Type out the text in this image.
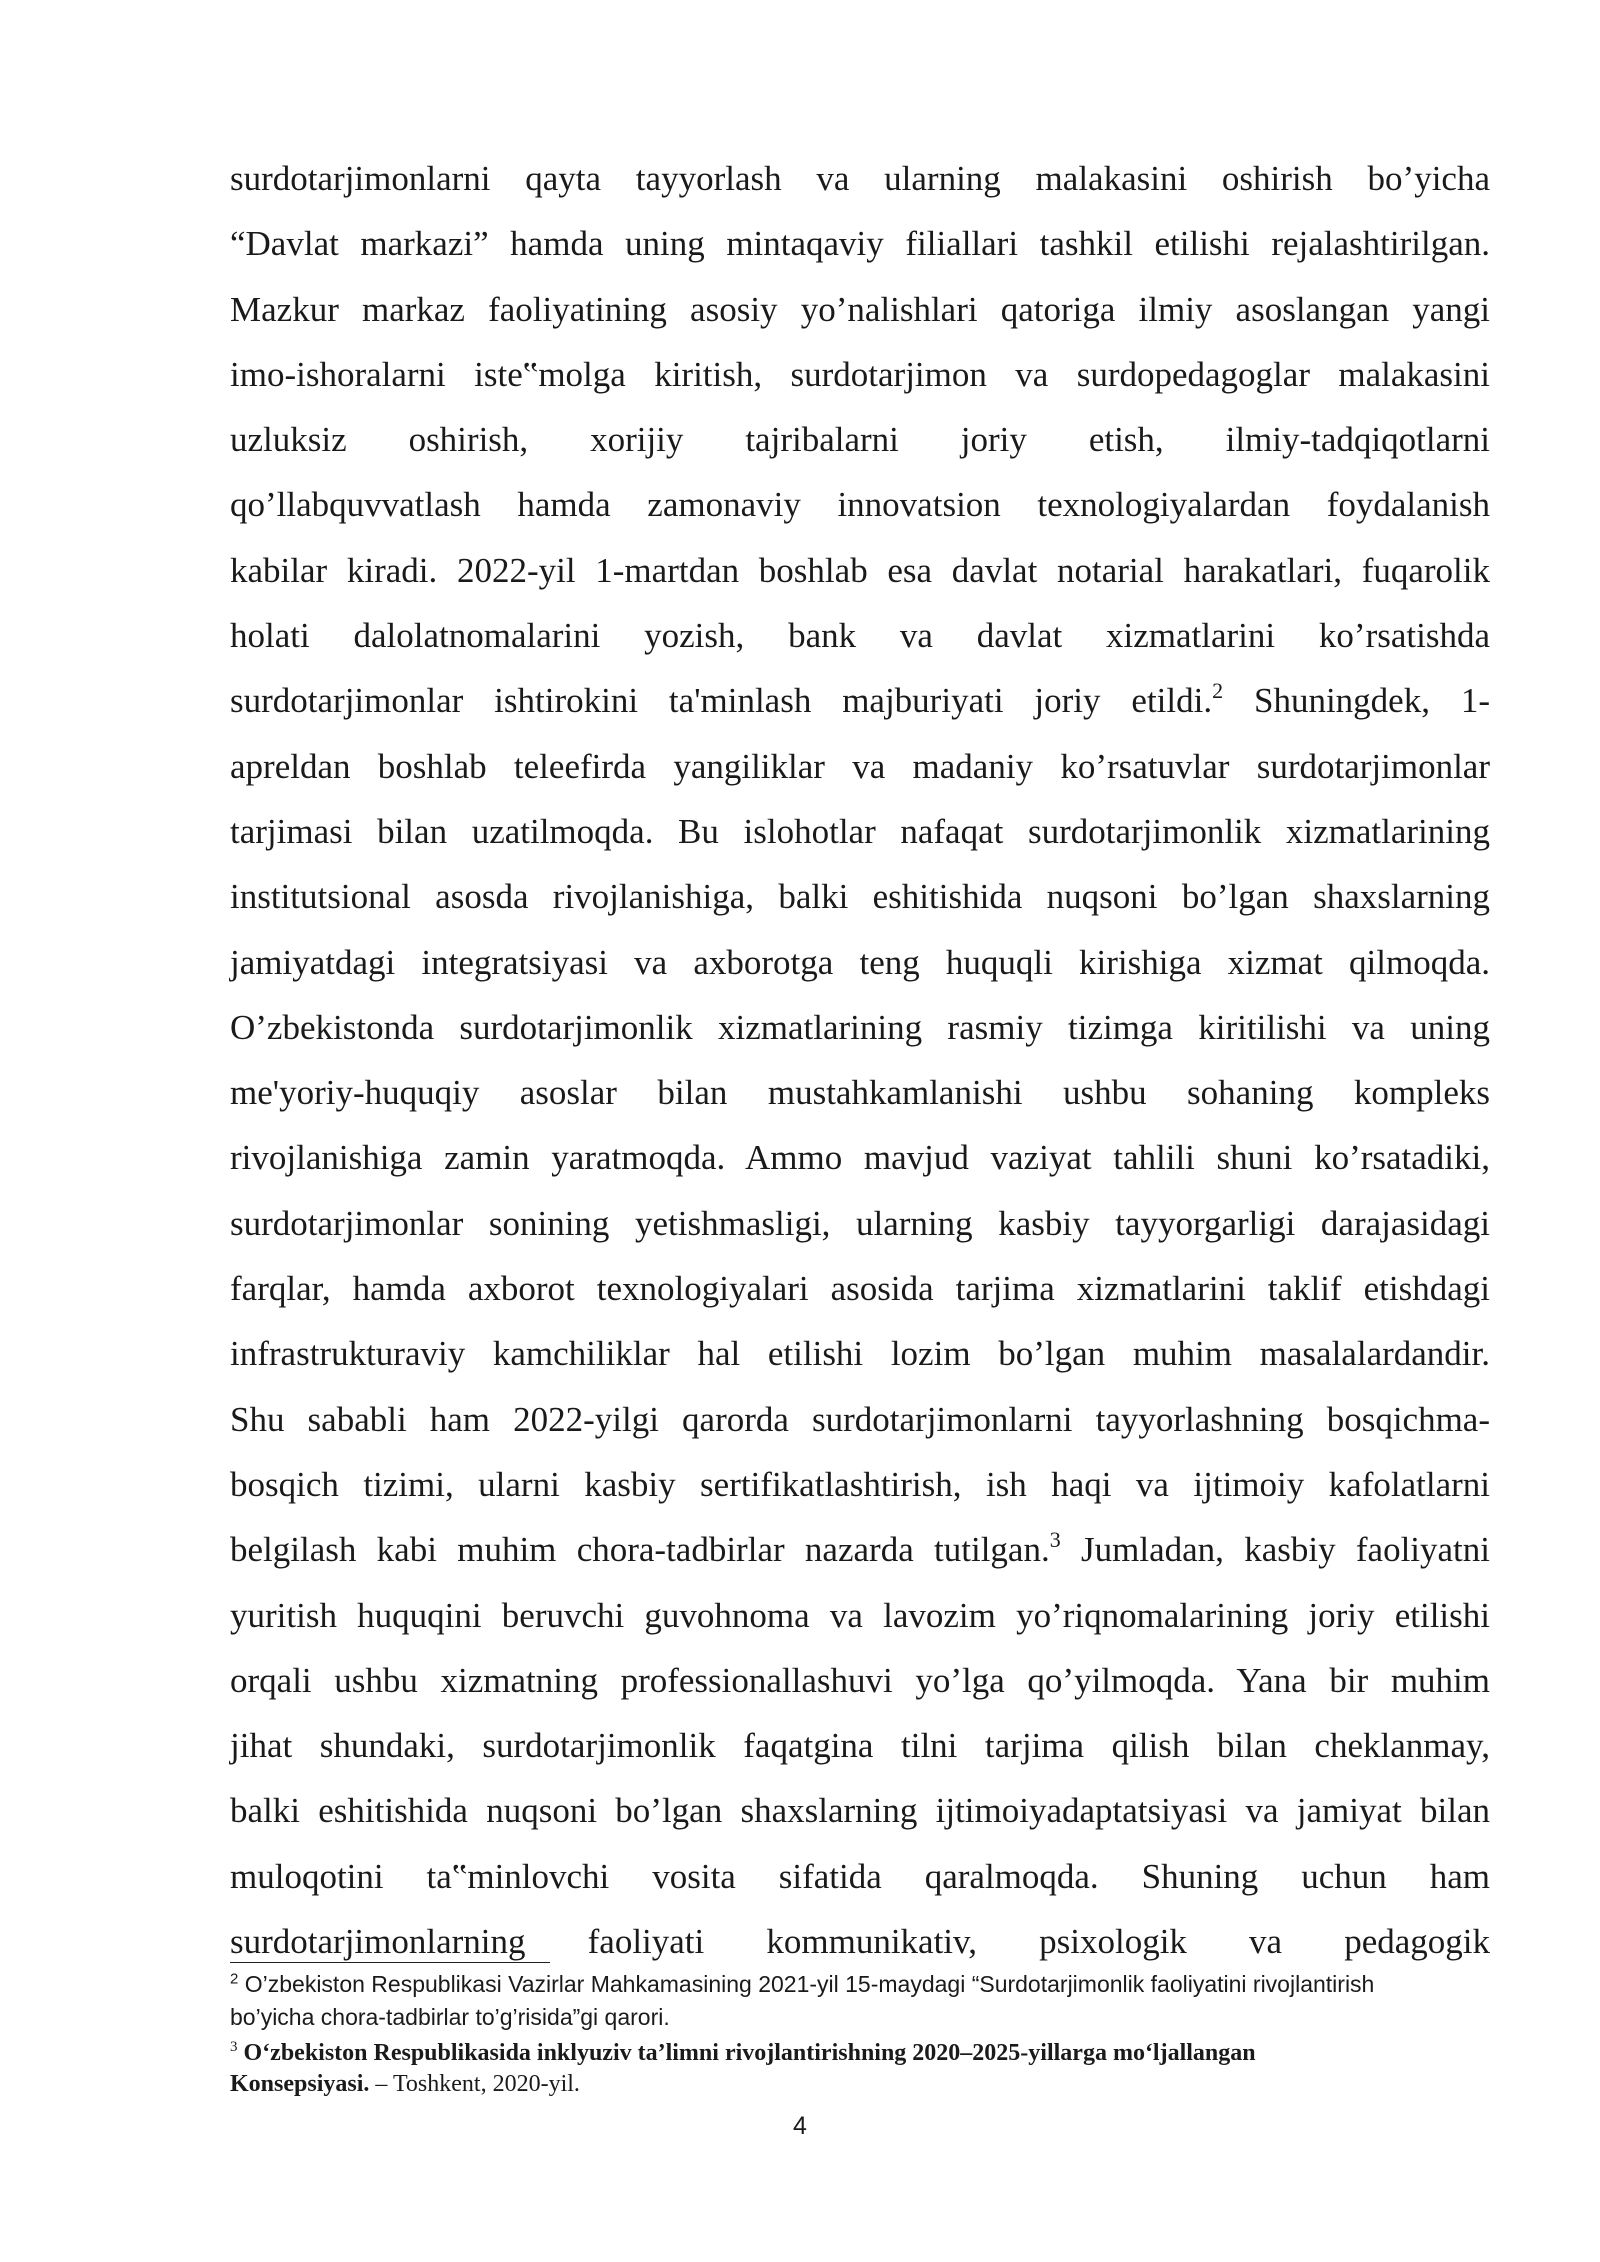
surdotarjimonlarni qayta tayyorlash va ularning malakasini oshirish bo’yicha
“Davlat markazi” hamda uning mintaqaviy filiallari tashkil etilishi rejalashtirilgan.
Mazkur markaz faoliyatining asosiy yo’nalishlari qatoriga ilmiy asoslangan yangi
imo-ishoralarni iste‟molga kiritish, surdotarjimon va surdopedagoglar malakasini
uzluksiz oshirish, xorijiy tajribalarni joriy etish, ilmiy-tadqiqotlarni
qo’llabquvvatlash hamda zamonaviy innovatsion texnologiyalardan foydalanish
kabilar kiradi. 2022-yil 1-martdan boshlab esa davlat notarial harakatlari, fuqarolik
holati dalolatnomalarini yozish, bank va davlat xizmatlarini ko’rsatishda
surdotarjimonlar ishtirokini ta'minlash majburiyati joriy etildi.$^2$ Shuningdek, 1-
apreldan boshlab teleefirda yangiliklar va madaniy ko’rsatuvlar surdotarjimonlar
tarjimasi bilan uzatilmoqda. Bu islohotlar nafaqat surdotarjimonlik xizmatlarining
institutsional asosda rivojlanishiga, balki eshitishida nuqsoni bo’lgan shaxslarning
jamiyatdagi integratsiyasi va axborotga teng huquqli kirishiga xizmat qilmoqda.
O’zbekistonda surdotarjimonlik xizmatlarining rasmiy tizimga kiritilishi va uning
me'yoriy-huquqiy asoslar bilan mustahkamlanishi ushbu sohaning kompleks
rivojlanishiga zamin yaratmoqda. Ammo mavjud vaziyat tahlili shuni ko’rsatadiki,
surdotarjimonlar sonining yetishmasligi, ularning kasbiy tayyorgarligi darajasidagi
farqlar, hamda axborot texnologiyalari asosida tarjima xizmatlarini taklif etishdagi
infrastrukturaviy kamchiliklar hal etilishi lozim bo’lgan muhim masalalardandir.
Shu sababli ham 2022-yilgi qarorda surdotarjimonlarni tayyorlashning bosqichma-
bosqich tizimi, ularni kasbiy sertifikatlashtirish, ish haqi va ijtimoiy kafolatlarni
belgilash kabi muhim chora-tadbirlar nazarda tutilgan.$^3$ Jumladan, kasbiy faoliyatni
yuritish huquqini beruvchi guvohnoma va lavozim yo’riqnomalarining joriy etilishi
orqali ushbu xizmatning professionallashuvi yo’lga qo’yilmoqda. Yana bir muhim
jihat shundaki, surdotarjimonlik faqatgina tilni tarjima qilish bilan cheklanmay,
balki eshitishida nuqsoni bo’lgan shaxslarning ijtimoiyadaptatsiyasi va jamiyat bilan
muloqotini ta‟minlovchi vosita sifatida qaralmoqda. Shuning uchun ham
surdotarjimonlarning faoliyati kommunikativ, psixologik va pedagogik

$^2$ O’zbekiston Respublikasi Vazirlar Mahkamasining 2021-yil 15-maydagi “Surdotarjimonlik faoliyatini rivojlantirish
bo’yicha chora-tadbirlar to’g’risida”gi qarori.

$^3$ O‘zbekiston Respublikasida inklyuziv ta’limni rivojlantirishning 2020–2025-yillarga mo‘ljallangan
Konsepsiyasi. – Toshkent, 2020-yil.

4
